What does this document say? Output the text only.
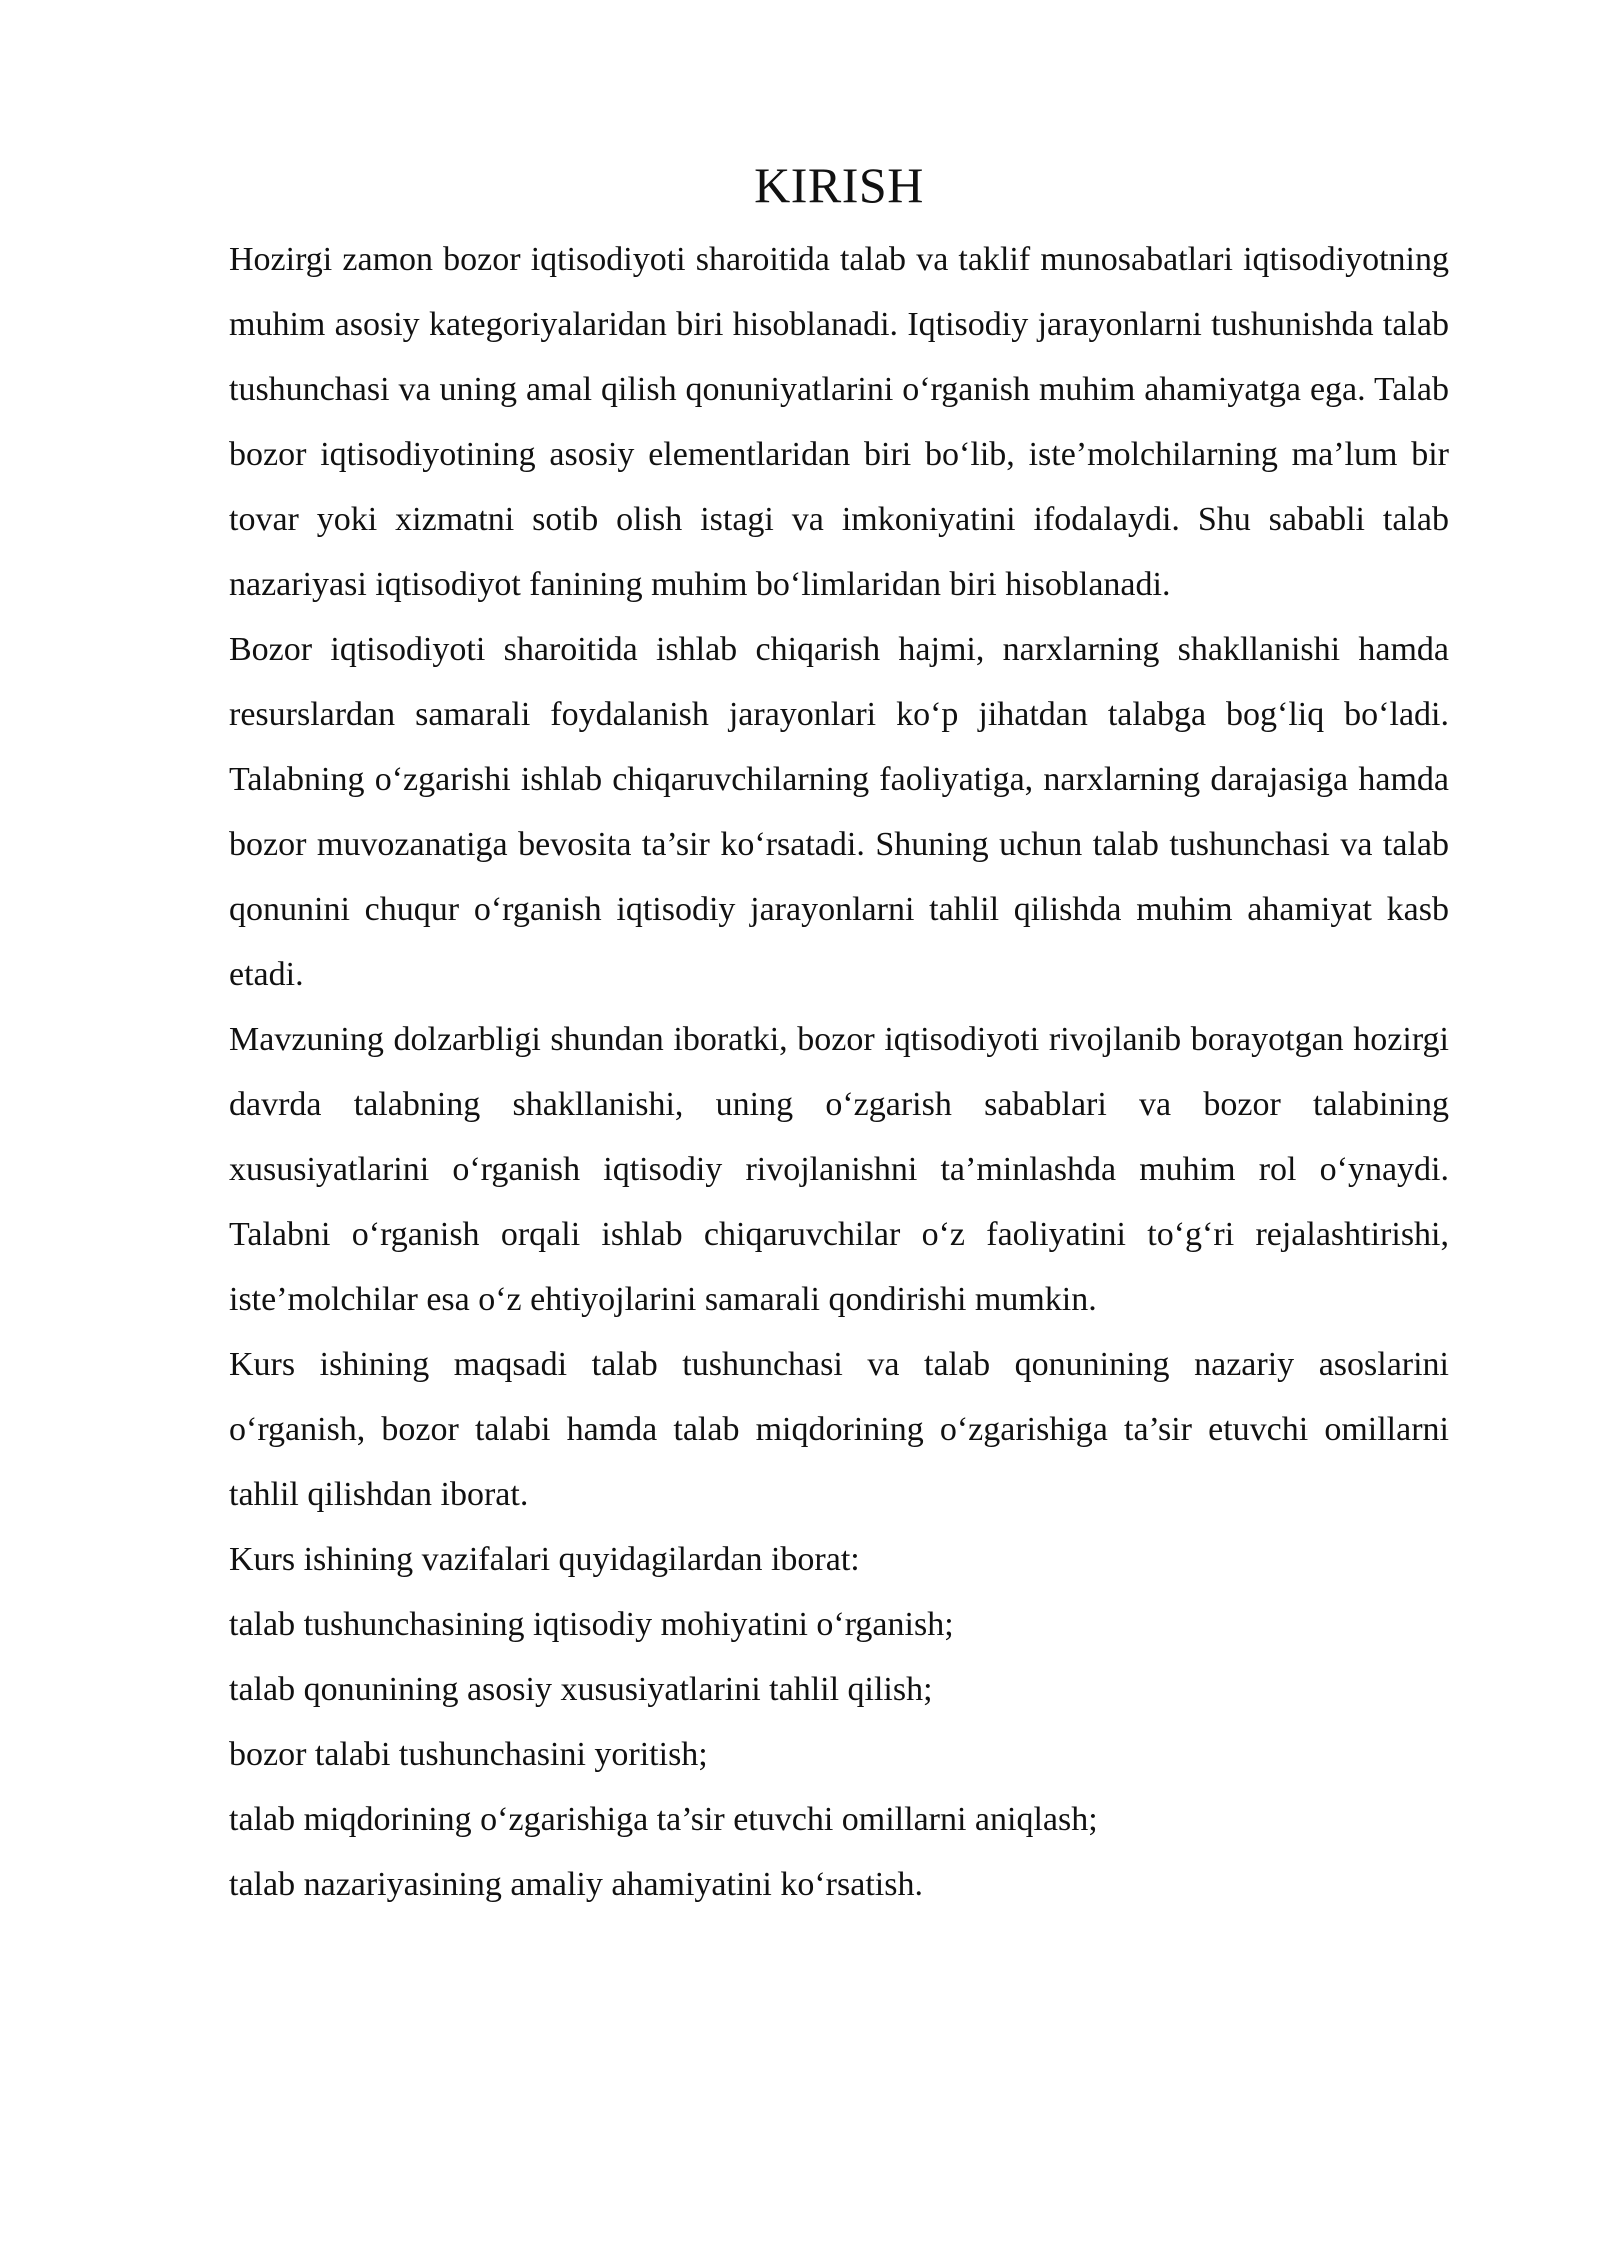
KIRISH

Hozirgi zamon bozor iqtisodiyoti sharoitida talab va taklif munosabatlari iqtisodiyotning muhim asosiy kategoriyalaridan biri hisoblanadi. Iqtisodiy jarayonlarni tushunishda talab tushunchasi va uning amal qilish qonuniyatlarini o‘rganish muhim ahamiyatga ega. Talab bozor iqtisodiyotining asosiy elementlaridan biri bo‘lib, iste’molchilarning ma’lum bir tovar yoki xizmatni sotib olish istagi va imkoniyatini ifodalaydi. Shu sababli talab nazariyasi iqtisodiyot fanining muhim bo‘limlaridan biri hisoblanadi.

Bozor iqtisodiyoti sharoitida ishlab chiqarish hajmi, narxlarning shakllanishi hamda resurslardan samarali foydalanish jarayonlari ko‘p jihatdan talabga bog‘liq bo‘ladi. Talabning o‘zgarishi ishlab chiqaruvchilarning faoliyatiga, narxlarning darajasiga hamda bozor muvozanatiga bevosita ta’sir ko‘rsatadi. Shuning uchun talab tushunchasi va talab qonunini chuqur o‘rganish iqtisodiy jarayonlarni tahlil qilishda muhim ahamiyat kasb etadi.

Mavzuning dolzarbligi shundan iboratki, bozor iqtisodiyoti rivojlanib borayotgan hozirgi davrda talabning shakllanishi, uning o‘zgarish sabablari va bozor talabining xususiyatlarini o‘rganish iqtisodiy rivojlanishni ta’minlashda muhim rol o‘ynaydi. Talabni o‘rganish orqali ishlab chiqaruvchilar o‘z faoliyatini to‘g‘ri rejalashtirishi, iste’molchilar esa o‘z ehtiyojlarini samarali qondirishi mumkin.

Kurs ishining maqsadi talab tushunchasi va talab qonunining nazariy asoslarini o‘rganish, bozor talabi hamda talab miqdorining o‘zgarishiga ta’sir etuvchi omillarni tahlil qilishdan iborat.

Kurs ishining vazifalari quyidagilardan iborat:

talab tushunchasining iqtisodiy mohiyatini o‘rganish;

talab qonunining asosiy xususiyatlarini tahlil qilish;

bozor talabi tushunchasini yoritish;

talab miqdorining o‘zgarishiga ta’sir etuvchi omillarni aniqlash;

talab nazariyasining amaliy ahamiyatini ko‘rsatish.
